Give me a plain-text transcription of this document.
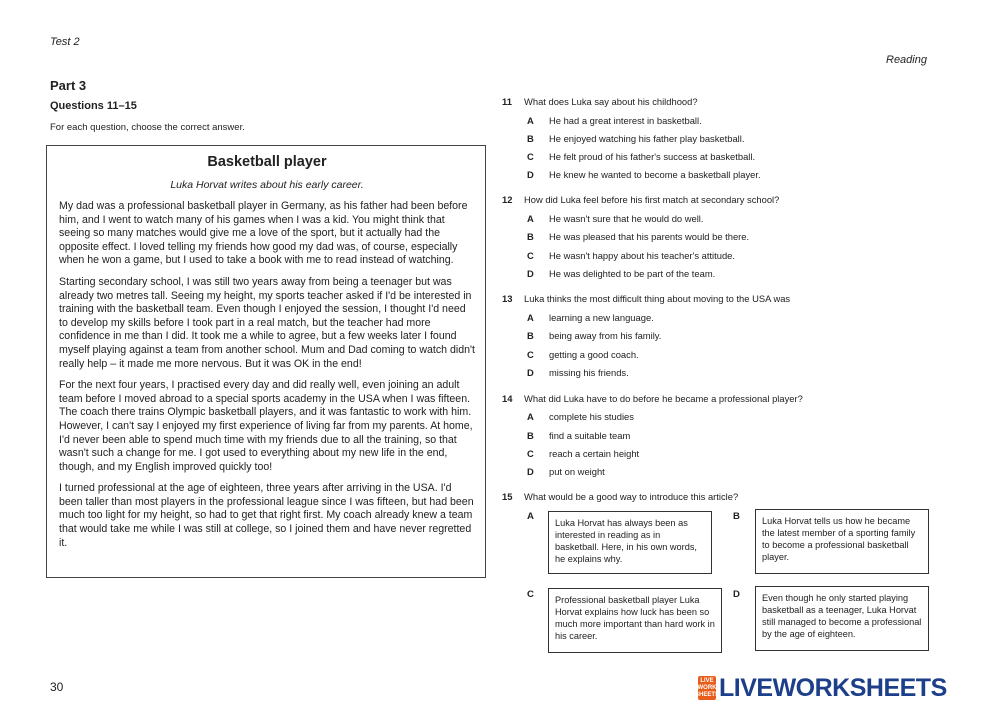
Test 2
Reading
Part 3
Questions 11–15
For each question, choose the correct answer.
Basketball player
Luka Horvat writes about his early career.

My dad was a professional basketball player in Germany, as his father had been before him, and I went to watch many of his games when I was a kid. You might think that seeing so many matches would give me a love of the sport, but it actually had the opposite effect. I loved telling my friends how good my dad was, of course, especially when he won a game, but I used to take a book with me to read instead of watching.

Starting secondary school, I was still two years away from being a teenager but was already two metres tall. Seeing my height, my sports teacher asked if I'd be interested in training with the basketball team. Even though I enjoyed the session, I thought I'd need to develop my skills before I took part in a real match, but the teacher had more confidence in me than I did. It took me a while to agree, but a few weeks later I found myself playing against a team from another school. Mum and Dad coming to watch didn't really help – it made me more nervous. But it was OK in the end!

For the next four years, I practised every day and did really well, even joining an adult team before I moved abroad to a special sports academy in the USA when I was fifteen. The coach there trains Olympic basketball players, and it was fantastic to work with him. However, I can't say I enjoyed my first experience of living far from my parents. At home, I'd never been able to spend much time with my friends due to all the training, so that wasn't such a change for me. I got used to everything about my new life in the end, though, and my English improved quickly too!

I turned professional at the age of eighteen, three years after arriving in the USA. I'd been taller than most players in the professional league since I was fifteen, but had been much too light for my height, so had to get that right first. My coach already knew a team that would take me while I was still at college, so I joined them and have never regretted it.

11	What does Luka say about his childhood?
A He had a great interest in basketball.
B He enjoyed watching his father play basketball.
C He felt proud of his father's success at basketball.
D He knew he wanted to become a basketball player.
12	How did Luka feel before his first match at secondary school?
A He wasn't sure that he would do well.
B He was pleased that his parents would be there.
C He wasn't happy about his teacher's attitude.
D He was delighted to be part of the team.
13	Luka thinks the most difficult thing about moving to the USA was
A learning a new language.
B being away from his family.
C getting a good coach.
D missing his friends.
14	What did Luka have to do before he became a professional player?
A complete his studies
B find a suitable team
C reach a certain height
D put on weight
15	What would be a good way to introduce this article?
A
Luka Horvat has always been as interested in reading as in basketball. Here, in his own words, he explains why.
B	Luka Horvat tells us how he became the latest member of a sporting family to become a professional basketball player.
C	Professional basketball player Luka Horvat explains how luck has been so much more important than hard work in his career.
D	Even though he only started playing basketball as a teenager, Luka Horvat still managed to become a professional by the age of eighteen.
30	LIVE
WORK
SHEETS LIVEWORKSHEETS
